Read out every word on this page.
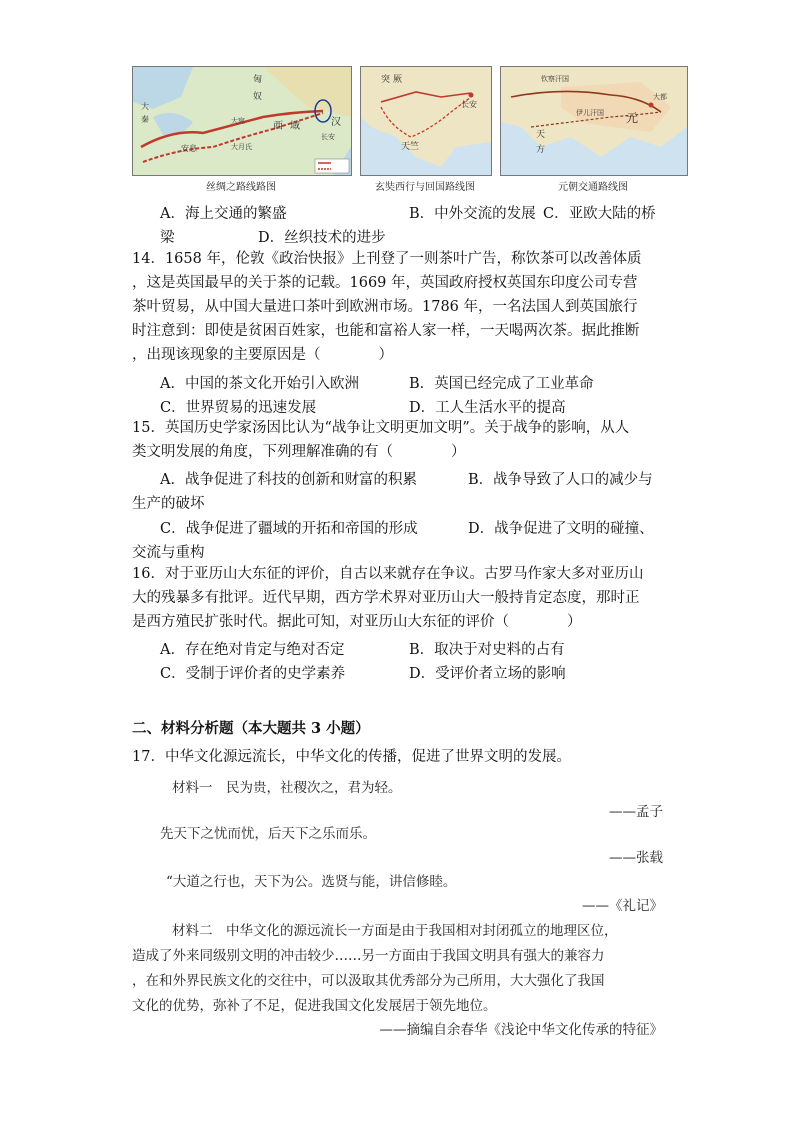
匈
奴
大
秦
安息
西 域	汉
长安
大宛
大月氏
丝绸之路线路图
突 厥
长安
天竺
玄奘西行与回国路线图
钦察汗国
天
方
元
伊儿汗国
大都
元朝交通路线图
A．海上交通的繁盛	B．中外交流的发展 C．亚欧大陆的桥
梁	D．丝织技术的进步
14．1658 年，伦敦《政治快报》上刊登了一则茶叶广告，称饮茶可以改善体质
，这是英国最早的关于茶的记载。1669 年，英国政府授权英国东印度公司专营
茶叶贸易，从中国大量进口茶叶到欧洲市场。1786 年，一名法国人到英国旅行
时注意到：即使是贫困百姓家，也能和富裕人家一样，一天喝两次茶。据此推断
，出现该现象的主要原因是（　　　　）
A．中国的茶文化开始引入欧洲	B．英国已经完成了工业革命
C．世界贸易的迅速发展	D．工人生活水平的提高
15．英国历史学家汤因比认为“战争让文明更加文明”。关于战争的影响，从人
类文明发展的角度，下列理解准确的有（　　　　）
A．战争促进了科技的创新和财富的积累	B．战争导致了人口的减少与
生产的破坏
C．战争促进了疆域的开拓和帝国的形成	D．战争促进了文明的碰撞、
交流与重构
16．对于亚历山大东征的评价，自古以来就存在争议。古罗马作家大多对亚历山
大的残暴多有批评。近代早期，西方学术界对亚历山大一般持肯定态度，那时正
是西方殖民扩张时代。据此可知，对亚历山大东征的评价（　　　　）
A．存在绝对肯定与绝对否定	B．取决于对史料的占有
C．受制于评价者的史学素养	D．受评价者立场的影响
二、材料分析题（本大题共 3 小题）
17．中华文化源远流长，中华文化的传播，促进了世界文明的发展。
材料一　民为贵，社稷次之，君为轻。
——孟子
先天下之忧而忧，后天下之乐而乐。
——张载
“大道之行也，天下为公。选贤与能，讲信修睦。
——《礼记》
材料二　中华文化的源远流长一方面是由于我国相对封闭孤立的地理区位，
造成了外来同级别文明的冲击较少……另一方面由于我国文明具有强大的兼容力
，在和外界民族文化的交往中，可以汲取其优秀部分为己所用，大大强化了我国
文化的优势，弥补了不足，促进我国文化发展居于领先地位。
——摘编自余春华《浅论中华文化传承的特征》
